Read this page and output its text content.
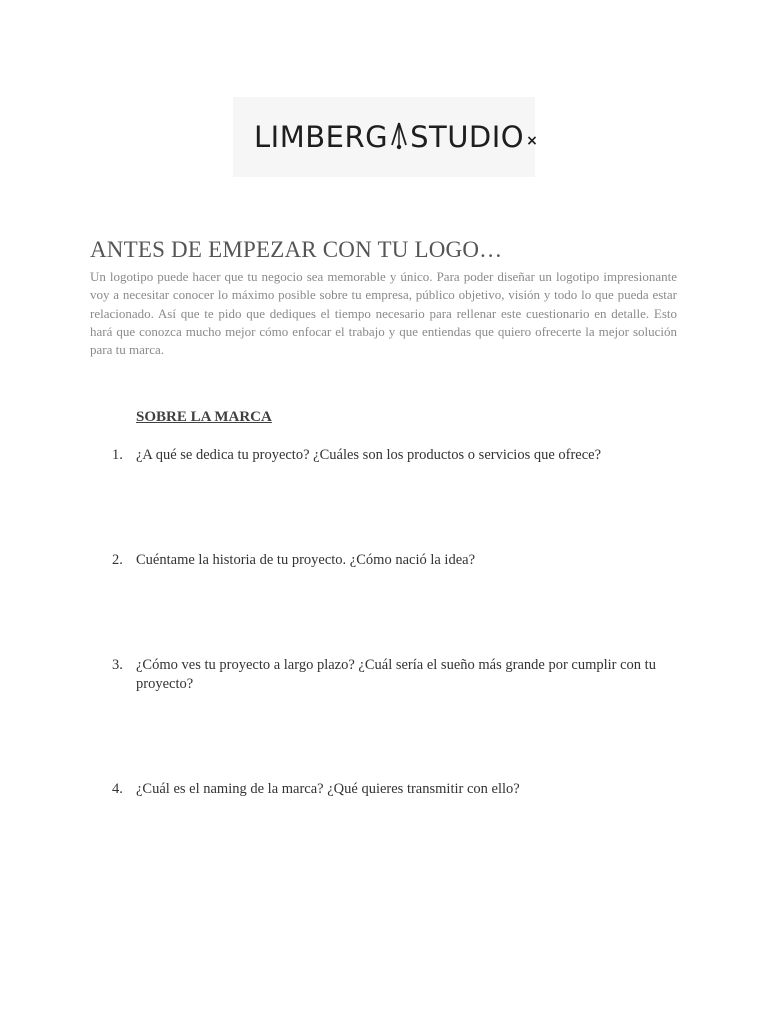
LIMBERG STUDIO ×
ANTES DE EMPEZAR CON TU LOGO…

Un logotipo puede hacer que tu negocio sea memorable y único. Para poder diseñar un logotipo impresionante voy a necesitar conocer lo máximo posible sobre tu empresa, público objetivo, visión y todo lo que pueda estar relacionado. Así que te pido que dediques el tiempo necesario para rellenar este cuestionario en detalle. Esto hará que conozca mucho mejor cómo enfocar el trabajo y que entiendas que quiero ofrecerte la mejor solución para tu marca.

SOBRE LA MARCA
1. ¿A qué se dedica tu proyecto? ¿Cuáles son los productos o servicios que ofrece?
2. Cuéntame la historia de tu proyecto. ¿Cómo nació la idea?
3. ¿Cómo ves tu proyecto a largo plazo? ¿Cuál sería el sueño más grande por cumplir con tu proyecto?
4. ¿Cuál es el naming de la marca? ¿Qué quieres transmitir con ello?
